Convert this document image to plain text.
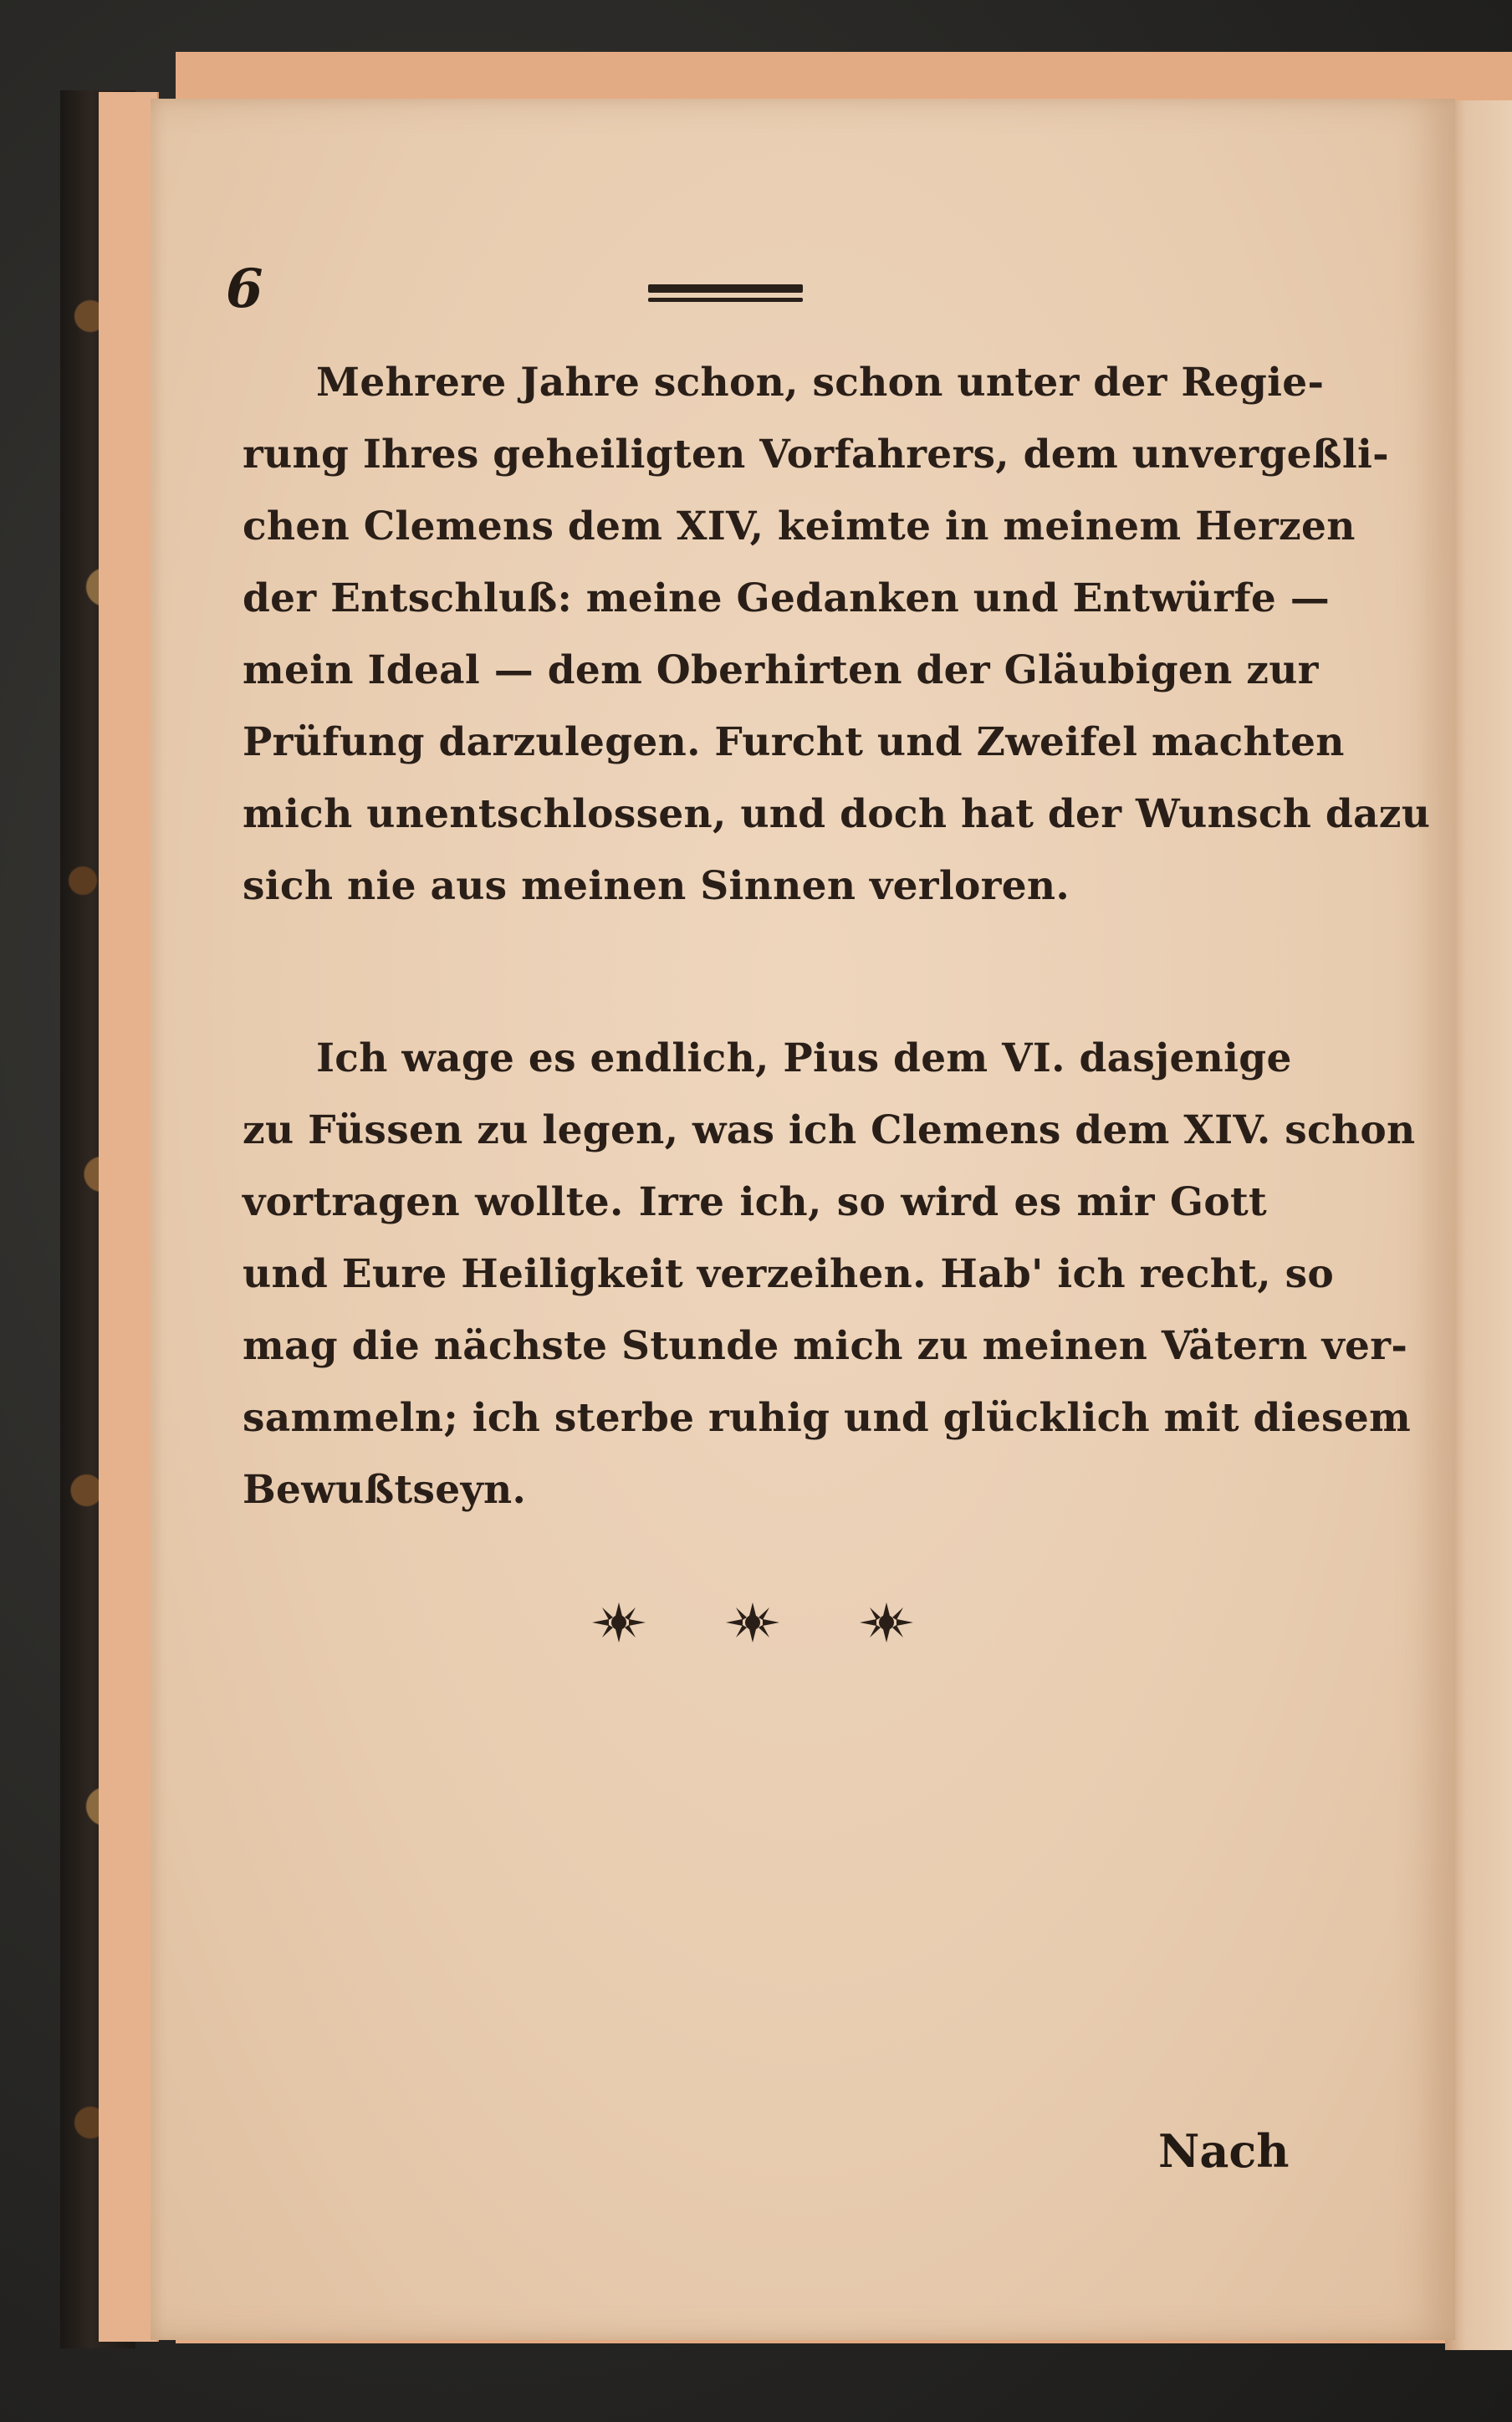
6
Mehrere Jahre schon, schon unter der Regie-
rung Ihres geheiligten Vorfahrers, dem unvergeßli-
chen Clemens dem XIV, keimte in meinem Herzen
der Entschluß: meine Gedanken und Entwürfe —
mein Ideal — dem Oberhirten der Gläubigen zur
Prüfung darzulegen. Furcht und Zweifel machten
mich unentschlossen, und doch hat der Wunsch dazu
sich nie aus meinen Sinnen verloren.
Ich wage es endlich, Pius dem VI. dasjenige
zu Füssen zu legen, was ich Clemens dem XIV. schon
vortragen wollte. Irre ich, so wird es mir Gott
und Eure Heiligkeit verzeihen. Hab' ich recht, so
mag die nächste Stunde mich zu meinen Vätern ver-
sammeln; ich sterbe ruhig und glücklich mit diesem
Bewußtseyn.
Nach
